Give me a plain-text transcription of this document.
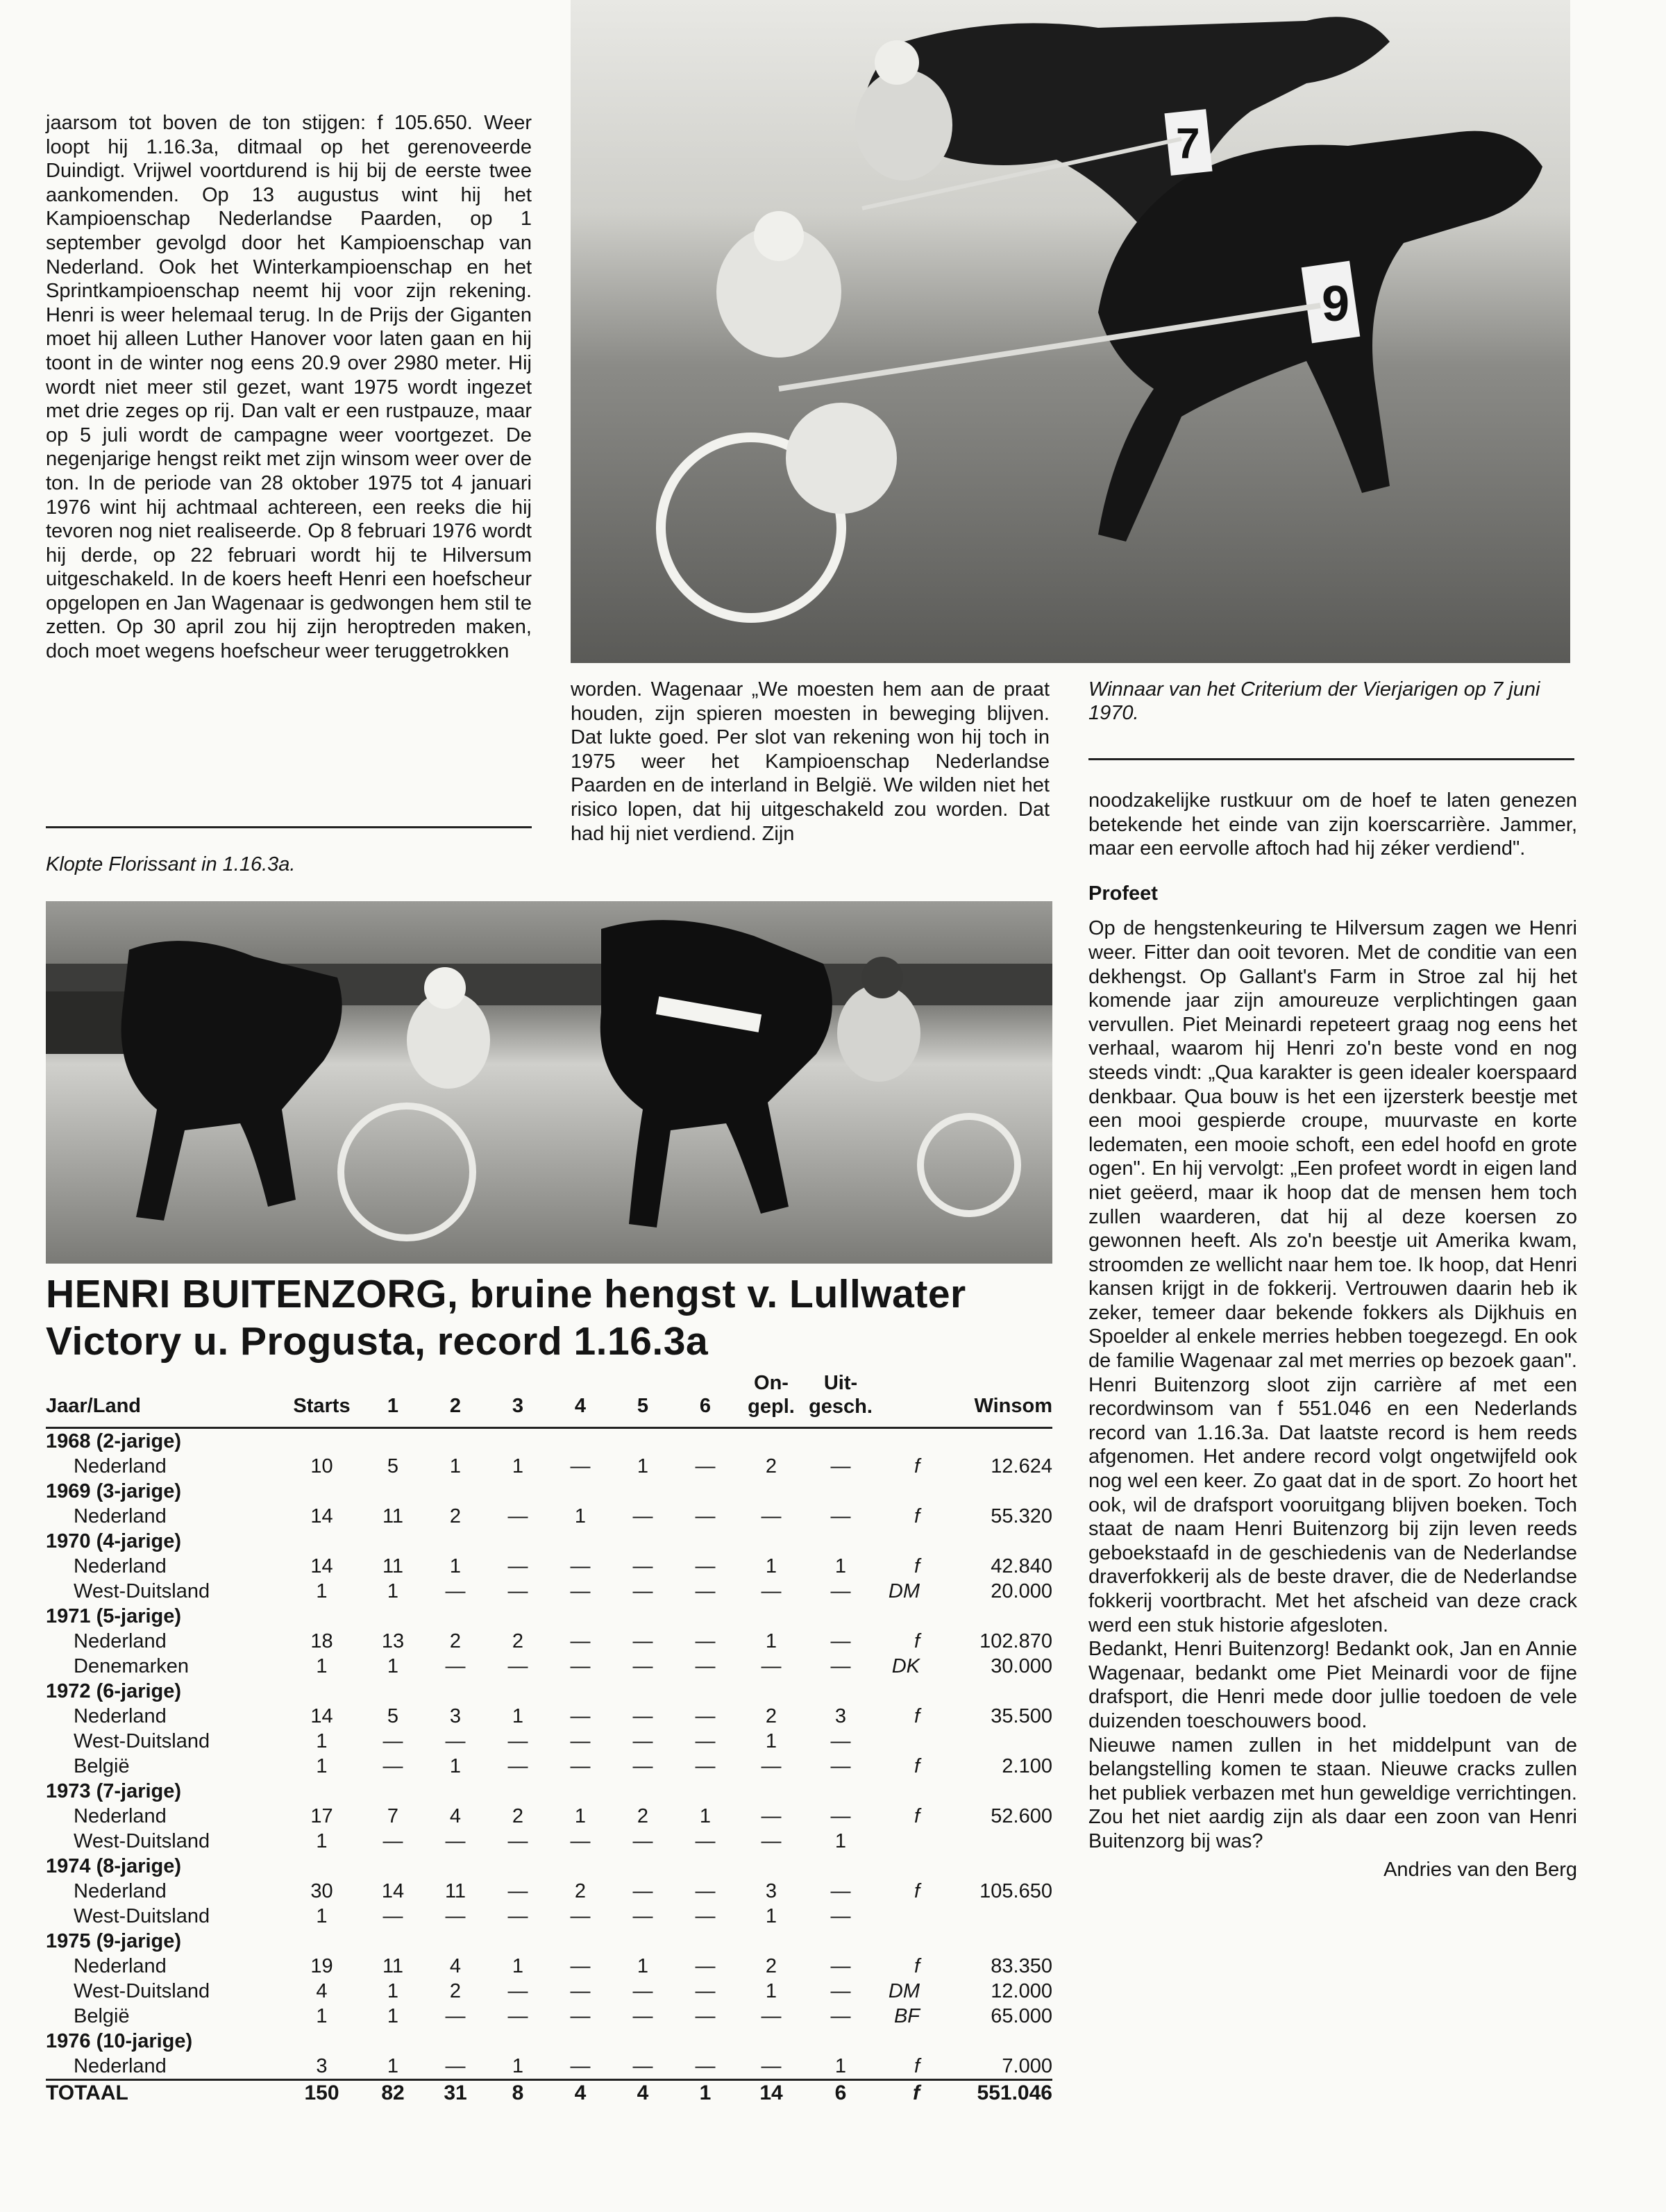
jaarsom tot boven de ton stijgen: f 105.650. Weer loopt hij 1.16.3a, ditmaal op het gerenoveerde Duindigt. Vrijwel voortdurend is hij bij de eerste twee aankomenden. Op 13 augustus wint hij het Kampioenschap Nederlandse Paarden, op 1 september gevolgd door het Kampioenschap van Nederland. Ook het Winterkampioenschap en het Sprintkampioenschap neemt hij voor zijn rekening. Henri is weer helemaal terug. In de Prijs der Giganten moet hij alleen Luther Hanover voor laten gaan en hij toont in de winter nog eens 20.9 over 2980 meter. Hij wordt niet meer stil gezet, want 1975 wordt ingezet met drie zeges op rij. Dan valt er een rustpauze, maar op 5 juli wordt de campagne weer voortgezet. De negenjarige hengst reikt met zijn winsom weer over de ton. In de periode van 28 oktober 1975 tot 4 januari 1976 wint hij achtmaal achtereen, een reeks die hij tevoren nog niet realiseerde. Op 8 februari 1976 wordt hij derde, op 22 februari wordt hij te Hilversum uitgeschakeld. In de koers heeft Henri een hoefscheur opgelopen en Jan Wagenaar is gedwongen hem stil te zetten. Op 30 april zou hij zijn heroptreden maken, doch moet wegens hoefscheur weer teruggetrokken

Klopte Florissant in 1.16.3a.
9
7

worden. Wagenaar „We moesten hem aan de praat houden, zijn spieren moesten in beweging blijven. Dat lukte goed. Per slot van rekening won hij toch in 1975 weer het Kampioenschap Nederlandse Paarden en de interland in België. We wilden niet het risico lopen, dat hij uitgeschakeld zou worden. Dat had hij niet verdiend. Zijn

Winnaar van het Criterium der Vierjarigen op 7 juni 1970.

noodzakelijke rustkuur om de hoef te laten genezen betekende het einde van zijn koerscarrière. Jammer, maar een eervolle aftoch had hij zéker verdiend".

Profeet

Op de hengstenkeuring te Hilversum zagen we Henri weer. Fitter dan ooit tevoren. Met de conditie van een dekhengst. Op Gallant's Farm in Stroe zal hij het komende jaar zijn amoureuze verplichtingen gaan vervullen. Piet Meinardi repeteert graag nog eens het verhaal, waarom hij Henri zo'n beste vond en nog steeds vindt: „Qua karakter is geen idealer koerspaard denkbaar. Qua bouw is het een ijzersterk beestje met een mooi gespierde croupe, muurvaste en korte ledematen, een mooie schoft, een edel hoofd en grote ogen". En hij vervolgt: „Een profeet wordt in eigen land niet geëerd, maar ik hoop dat de mensen hem toch zullen waarderen, dat hij al deze koersen zo gewonnen heeft. Als zo'n beestje uit Amerika kwam, stroomden ze wellicht naar hem toe. Ik hoop, dat Henri kansen krijgt in de fokkerij. Vertrouwen daarin heb ik zeker, temeer daar bekende fokkers als Dijkhuis en Spoelder al enkele merries hebben toegezegd. En ook de familie Wagenaar zal met merries op bezoek gaan".

Henri Buitenzorg sloot zijn carrière af met een recordwinsom van f 551.046 en een Nederlands record van 1.16.3a. Dat laatste record is hem reeds afgenomen. Het andere record volgt ongetwijfeld ook nog wel een keer. Zo gaat dat in de sport. Zo hoort het ook, wil de drafsport vooruitgang blijven boeken. Toch staat de naam Henri Buitenzorg bij zijn leven reeds geboekstaafd in de geschiedenis van de Nederlandse draverfokkerij als de beste draver, die de Nederlandse fokkerij voortbracht. Met het afscheid van deze crack werd een stuk historie afgesloten.

Bedankt, Henri Buitenzorg! Bedankt ook, Jan en Annie Wagenaar, bedankt ome Piet Meinardi voor de fijne drafsport, die Henri mede door jullie toedoen de vele duizenden toeschouwers bood.

Nieuwe namen zullen in het middelpunt van de belangstelling komen te staan. Nieuwe cracks zullen het publiek verbazen met hun geweldige verrichtingen. Zou het niet aardig zijn als daar een zoon van Henri Buitenzorg bij was?

Andries van den Berg

HENRI BUITENZORG, bruine hengst v. Lullwater Victory u. Progusta, record 1.16.3a
Jaar/Land	Starts	1	2	3	4	5	6	On-
gepl.	Uit-
gesch.	Winsom	
1968 (2-jarige)											
Nederland	10	5	1	1	—	1	—	2	—	f	12.624
1969 (3-jarige)											
Nederland	14	11	2	—	1	—	—	—	—	f	55.320
1970 (4-jarige)											
Nederland	14	11	1	—	—	—	—	1	1	f	42.840
West-Duitsland	1	1	—	—	—	—	—	—	—	DM	20.000
1971 (5-jarige)											
Nederland	18	13	2	2	—	—	—	1	—	f	102.870
Denemarken	1	1	—	—	—	—	—	—	—	DK	30.000
1972 (6-jarige)											
Nederland	14	5	3	1	—	—	—	2	3	f	35.500
West-Duitsland	1	—	—	—	—	—	—	1	—		
België	1	—	1	—	—	—	—	—	—	f	2.100
1973 (7-jarige)											
Nederland	17	7	4	2	1	2	1	—	—	f	52.600
West-Duitsland	1	—	—	—	—	—	—	—	1		
1974 (8-jarige)											
Nederland	30	14	11	—	2	—	—	3	—	f	105.650
West-Duitsland	1	—	—	—	—	—	—	1	—		
1975 (9-jarige)											
Nederland	19	11	4	1	—	1	—	2	—	f	83.350
West-Duitsland	4	1	2	—	—	—	—	1	—	DM	12.000
België	1	1	—	—	—	—	—	—	—	BF	65.000
1976 (10-jarige)											
Nederland	3	1	—	1	—	—	—	—	1	f	7.000
TOTAAL	150	82	31	8	4	4	1	14	6	f	551.046
